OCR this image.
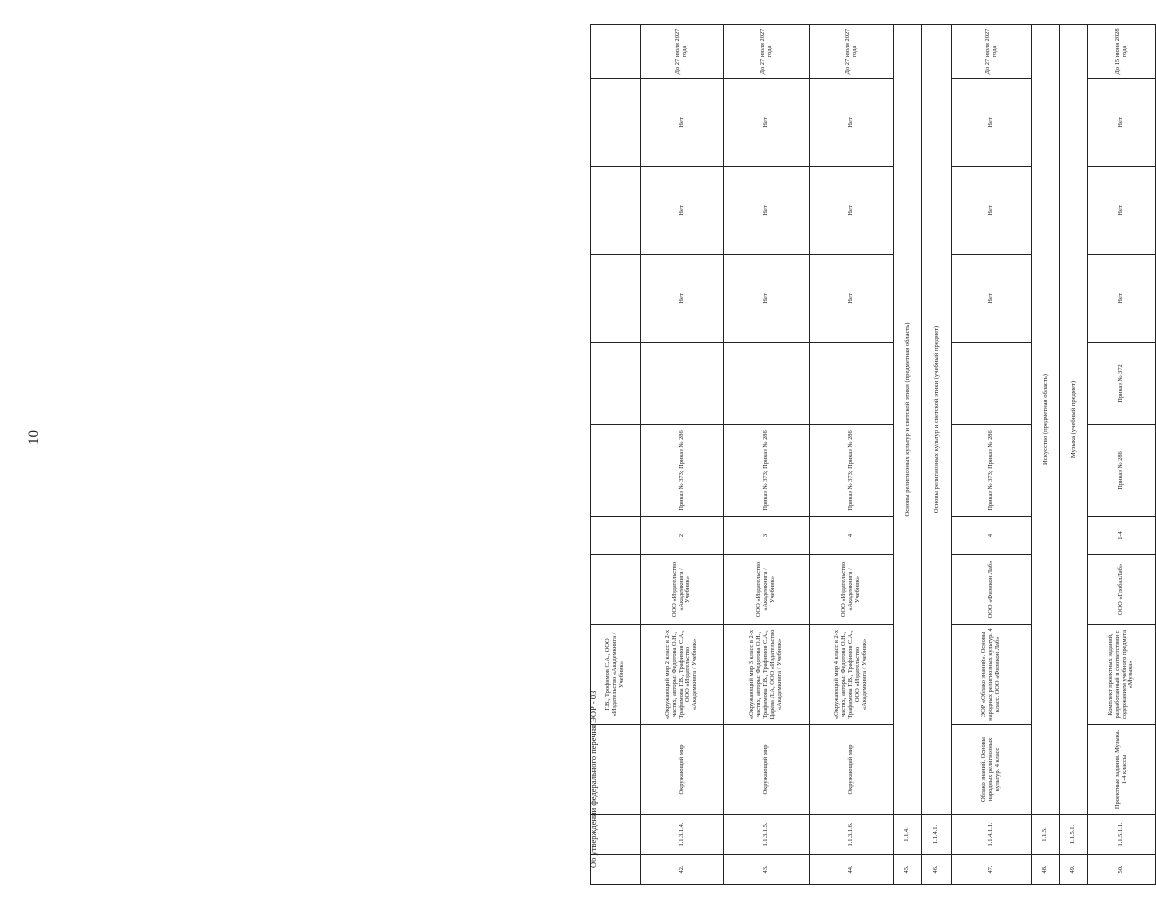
10
			Г.В., Трофимов С.А., ООО «Издательство «Академкнига / Учебник»								
42.	1.1.3.1.4.	Окружающий мир	«Окружающий мир 2 класс в 2-х частях, авторы: Федотова О.Н., Трафимова Г.В., Трафимов С.А., ООО «Издательство «Академкнига / Учебник»	ООО «Издательство «Академкнига / Учебник»	2	Приказ № 373; Приказ № 286		Нет	Нет	Нет	До 27 июля 2027 года
43.	1.1.3.1.5.	Окружающий мир	«Окружающий мир 3 класс в 2-х частях, авторы: Федотова О.Н., Трафимова Г.В., Трафимов С.А., Царева Л.А, ООО «Издательство «Академкнига / Учебник»	ООО «Издательство «Академкнига / Учебник»	3	Приказ № 373; Приказ № 286		Нет	Нет	Нет	До 27 июля 2027 года
44.	1.1.3.1.6.	Окружающий мир	«Окружающий мир 4 класс в 2-х частях, авторы: Федотова О.Н., Трафимова Г.В., Трафимов С.А., ООО «Издательство «Академкнига / Учебник»	ООО «Издательство «Академкнига / Учебник»	4	Приказ № 373; Приказ № 286		Нет	Нет	Нет	До 27 июля 2027 года
45.	1.1.4.	Основы религиозных культур и светской этики (предметная область)									
46.	1.1.4.1.	Основы религиозных культур и светской этики (учебный предмет)									
47.	1.1.4.1.1.	Облако знаний. Основы народных религиозных культур. 4 класс	ЭОР «Облако знаний». Основы народных религиозных культур. 4 класс. ООО «Физикон Лаб»	ООО «Физикон Лаб»	4	Приказ № 373; Приказ № 286		Нет	Нет	Нет	До 27 июля 2027 года
48.	1.1.5.	Искусство (предметная область)									
49.	1.1.5.1.	Музыка (учебный предмет)									
50.	1.1.5.1.1.	Проектные задания. Музыка. 1-4 классы	Комплект проектных заданий, разработанный в соответствии с содержанием учебного предмета «Музыка»	ООО «ГлобалЛаб»	1-4	Приказ № 286	Приказ № 372	Нет	Нет	Нет	До 15 июня 2028 года
Об утверждении федерального перечня ЭОР - 03
